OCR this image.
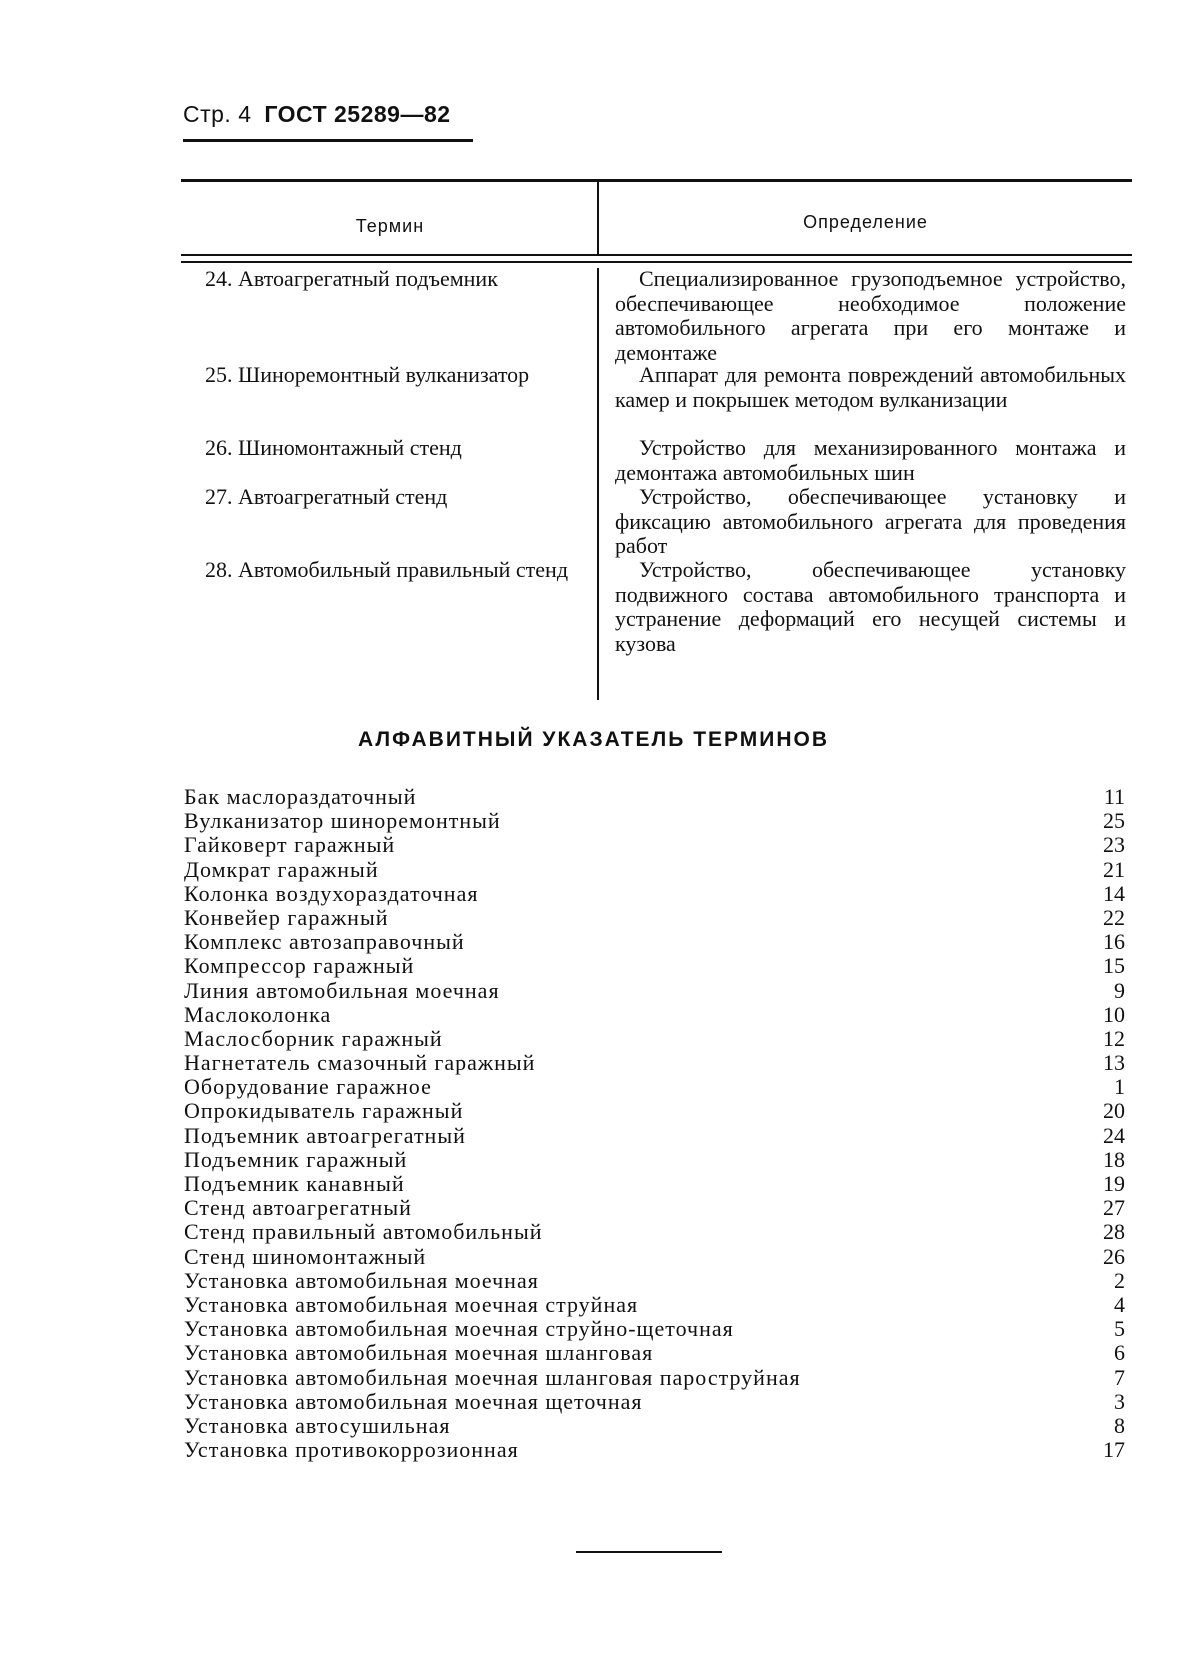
Стр. 4 ГОСТ 25289—82
Термин	Определение
24. Автоагрегатный подъемник	Специализированное грузоподъемное устройство, обеспечивающее необходимое положение автомобильного агрегата при его монтаже и демонтаже
25. Шиноремонтный вулканизатор	Аппарат для ремонта повреждений автомобильных камер и покрышек методом вулканизации
26. Шиномонтажный стенд	Устройство для механизированного монтажа и демонтажа автомобильных шин
27. Автоагрегатный стенд	Устройство, обеспечивающее установку и фиксацию автомобильного агрегата для проведения работ
28. Автомобильный правильный стенд	Устройство, обеспечивающее установку подвижного состава автомобильного транспорта и устранение деформаций его несущей системы и кузова
АЛФАВИТНЫЙ УКАЗАТЕЛЬ ТЕРМИНОВ
Бак маслораздаточный	11
Вулканизатор шиноремонтный	25
Гайковерт гаражный	23
Домкрат гаражный	21
Колонка воздухораздаточная	14
Конвейер гаражный	22
Комплекс автозаправочный	16
Компрессор гаражный	15
Линия автомобильная моечная	9
Маслоколонка	10
Маслосборник гаражный	12
Нагнетатель смазочный гаражный	13
Оборудование гаражное	1
Опрокидыватель гаражный	20
Подъемник автоагрегатный	24
Подъемник гаражный	18
Подъемник канавный	19
Стенд автоагрегатный	27
Стенд правильный автомобильный	28
Стенд шиномонтажный	26
Установка автомобильная моечная	2
Установка автомобильная моечная струйная	4
Установка автомобильная моечная струйно-щеточная	5
Установка автомобильная моечная шланговая	6
Установка автомобильная моечная шланговая пароструйная	7
Установка автомобильная моечная щеточная	3
Установка автосушильная	8
Установка противокоррозионная	17
